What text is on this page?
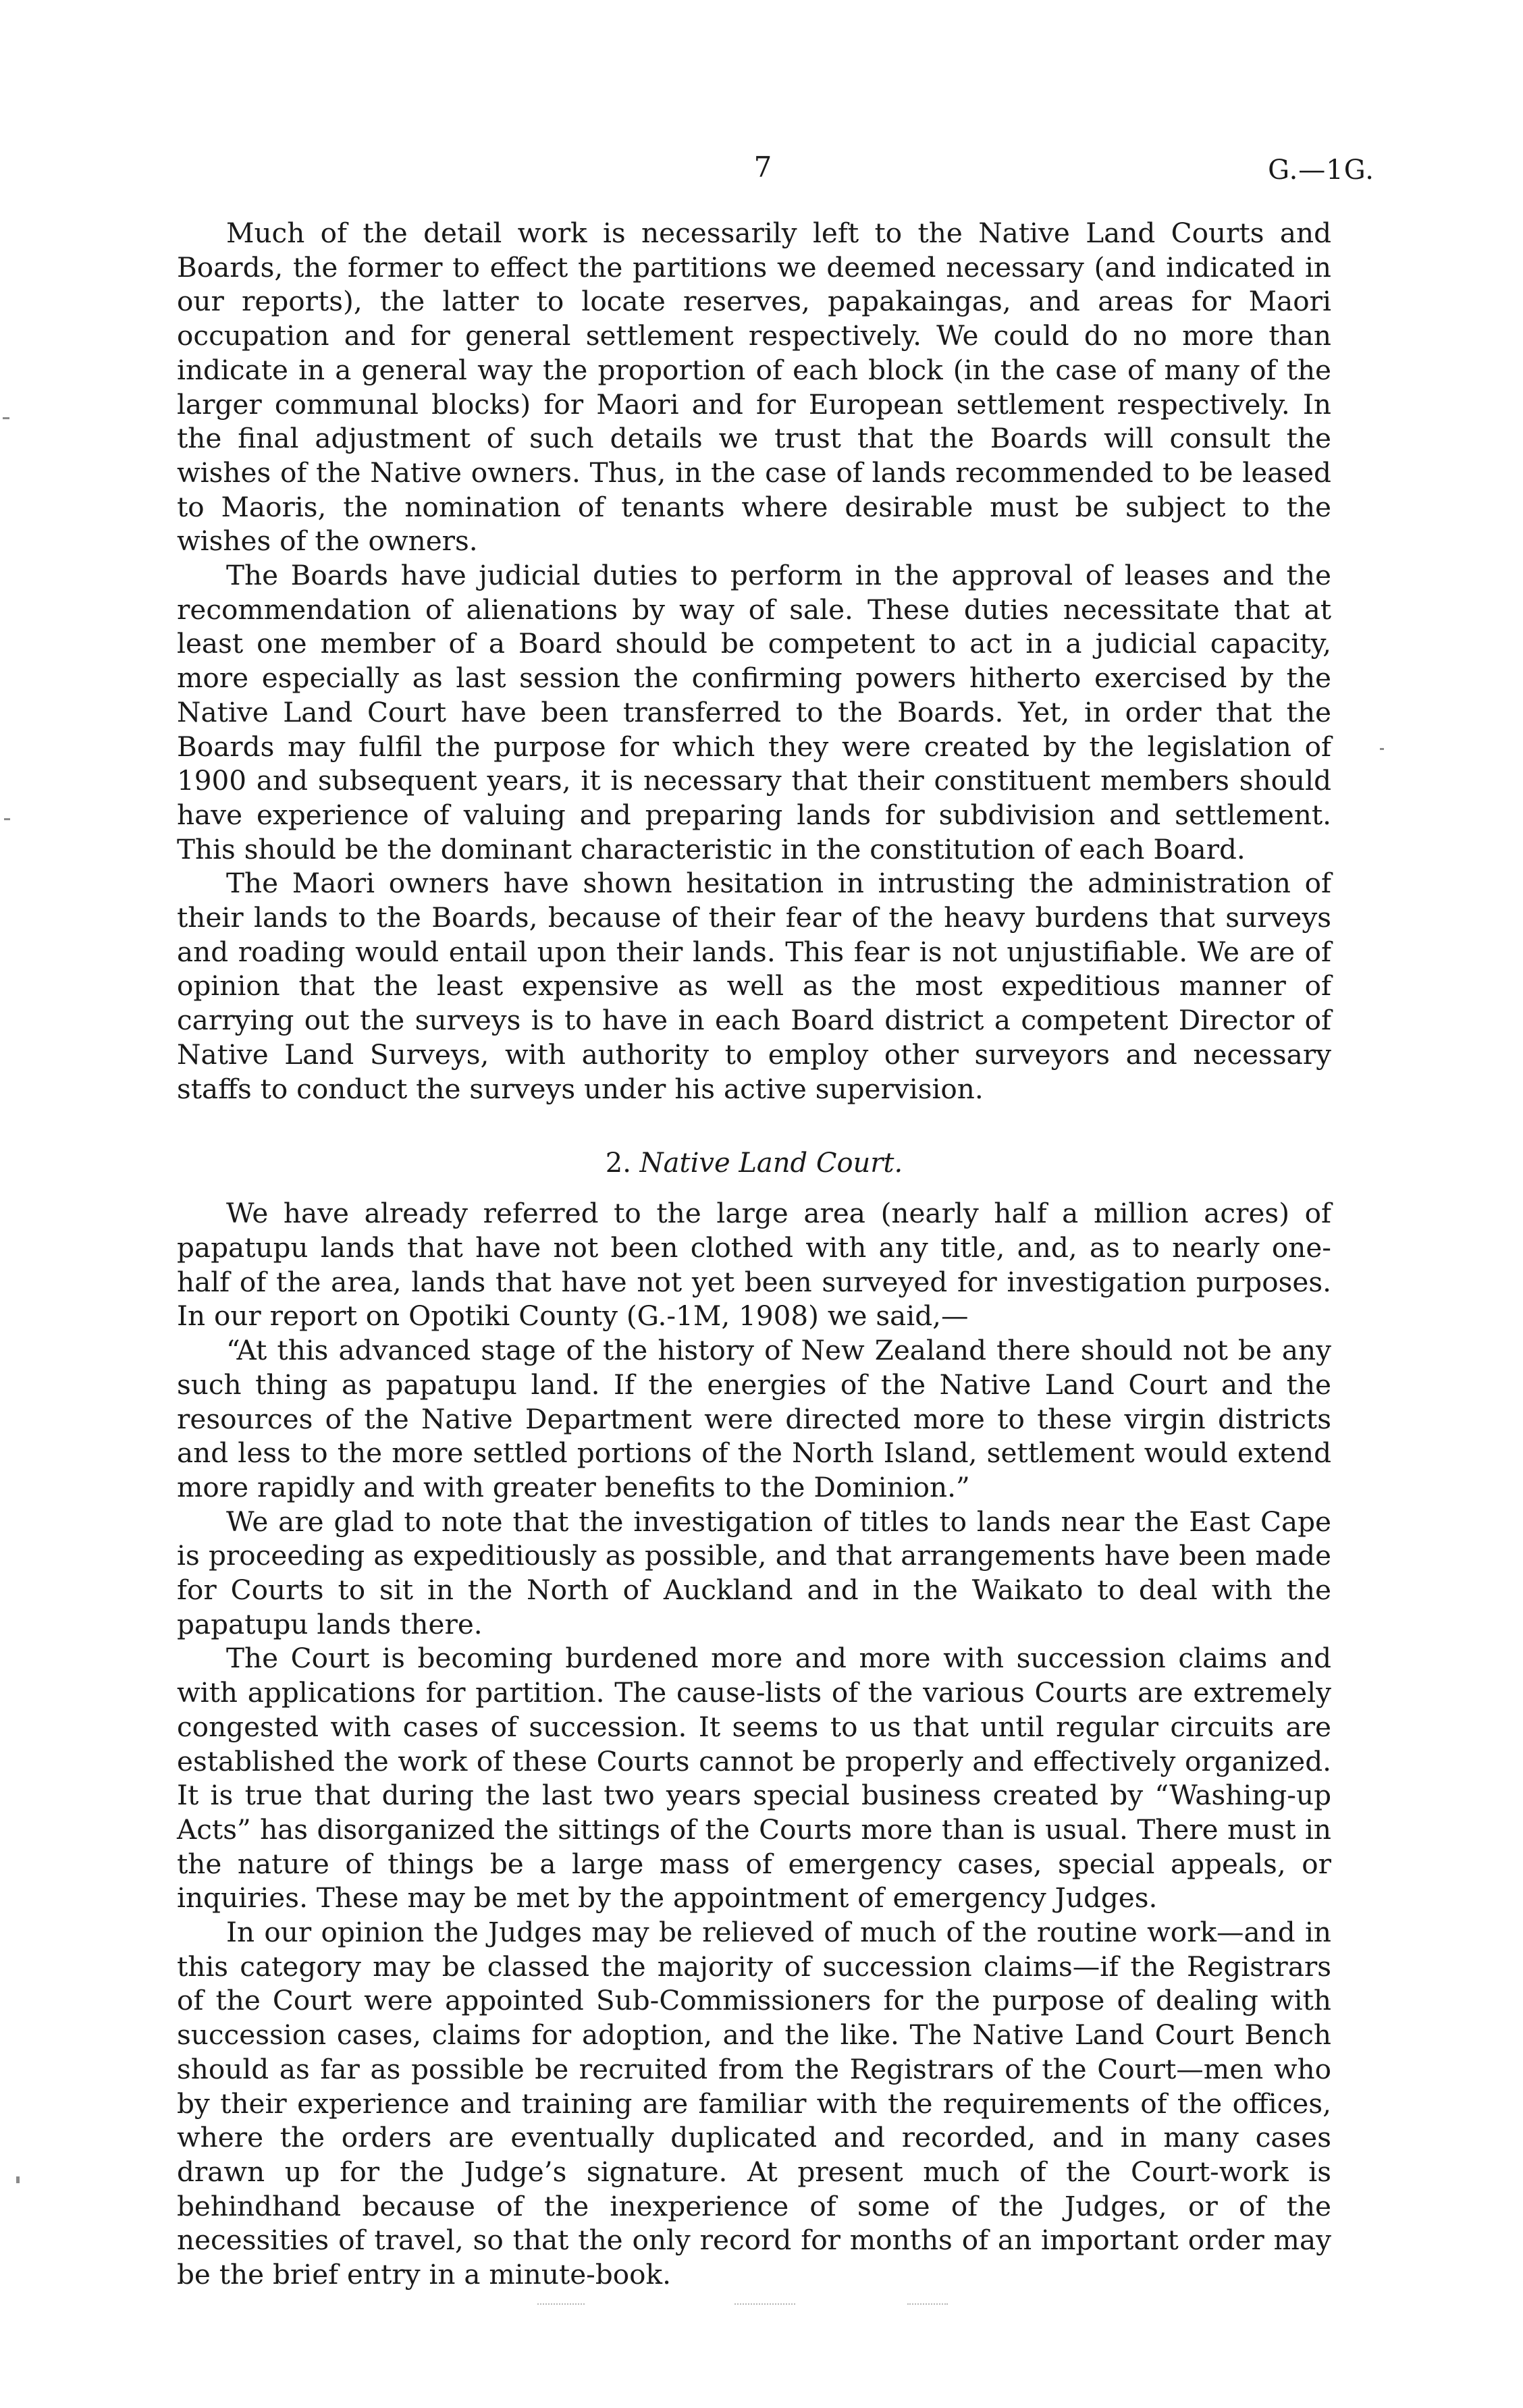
7	G.—1G.

Much of the detail work is necessarily left to the Native Land Courts and Boards, the former to effect the partitions we deemed necessary (and indicated in our reports), the latter to locate reserves, papakaingas, and areas for Maori occupation and for general settlement respectively. We could do no more than indicate in a general way the proportion of each block (in the case of many of the larger communal blocks) for Maori and for European settlement respectively. In the final adjustment of such details we trust that the Boards will consult the wishes of the Native owners. Thus, in the case of lands recommended to be leased to Maoris, the nomination of tenants where desirable must be subject to the wishes of the owners.

The Boards have judicial duties to perform in the approval of leases and the recommendation of alienations by way of sale. These duties necessitate that at least one member of a Board should be competent to act in a judicial capacity, more especially as last session the confirming powers hitherto exercised by the Native Land Court have been transferred to the Boards. Yet, in order that the Boards may fulfil the purpose for which they were created by the legislation of 1900 and subsequent years, it is necessary that their constituent members should have experience of valuing and preparing lands for subdivision and settlement. This should be the dominant characteristic in the constitution of each Board.

The Maori owners have shown hesitation in intrusting the administration of their lands to the Boards, because of their fear of the heavy burdens that surveys and roading would entail upon their lands. This fear is not unjustifiable. We are of opinion that the least expensive as well as the most expeditious manner of carrying out the surveys is to have in each Board district a competent Director of Native Land Surveys, with authority to employ other surveyors and necessary staffs to conduct the surveys under his active supervision.

2. Native Land Court.

We have already referred to the large area (nearly half a million acres) of papatupu lands that have not been clothed with any title, and, as to nearly one-half of the area, lands that have not yet been surveyed for investigation purposes. In our report on Opotiki County (G.-1M, 1908) we said,—

“At this advanced stage of the history of New Zealand there should not be any such thing as papatupu land. If the energies of the Native Land Court and the resources of the Native Department were directed more to these virgin districts and less to the more settled portions of the North Island, settlement would extend more rapidly and with greater benefits to the Dominion.”

We are glad to note that the investigation of titles to lands near the East Cape is proceeding as expeditiously as possible, and that arrangements have been made for Courts to sit in the North of Auckland and in the Waikato to deal with the papatupu lands there.

The Court is becoming burdened more and more with succession claims and with applications for partition. The cause-lists of the various Courts are extremely congested with cases of succession. It seems to us that until regular circuits are established the work of these Courts cannot be properly and effectively organized. It is true that during the last two years special business created by “Washing-up Acts” has disorganized the sittings of the Courts more than is usual. There must in the nature of things be a large mass of emergency cases, special appeals, or inquiries. These may be met by the appointment of emergency Judges.

In our opinion the Judges may be relieved of much of the routine work—and in this category may be classed the majority of succession claims—if the Registrars of the Court were appointed Sub-Commissioners for the purpose of dealing with succession cases, claims for adoption, and the like. The Native Land Court Bench should as far as possible be recruited from the Registrars of the Court—men who by their experience and training are familiar with the requirements of the offices, where the orders are eventually duplicated and recorded, and in many cases drawn up for the Judge’s signature. At present much of the Court-work is behindhand because of the inexperience of some of the Judges, or of the necessities of travel, so that the only record for months of an important order may be the brief entry in a minute-book.
